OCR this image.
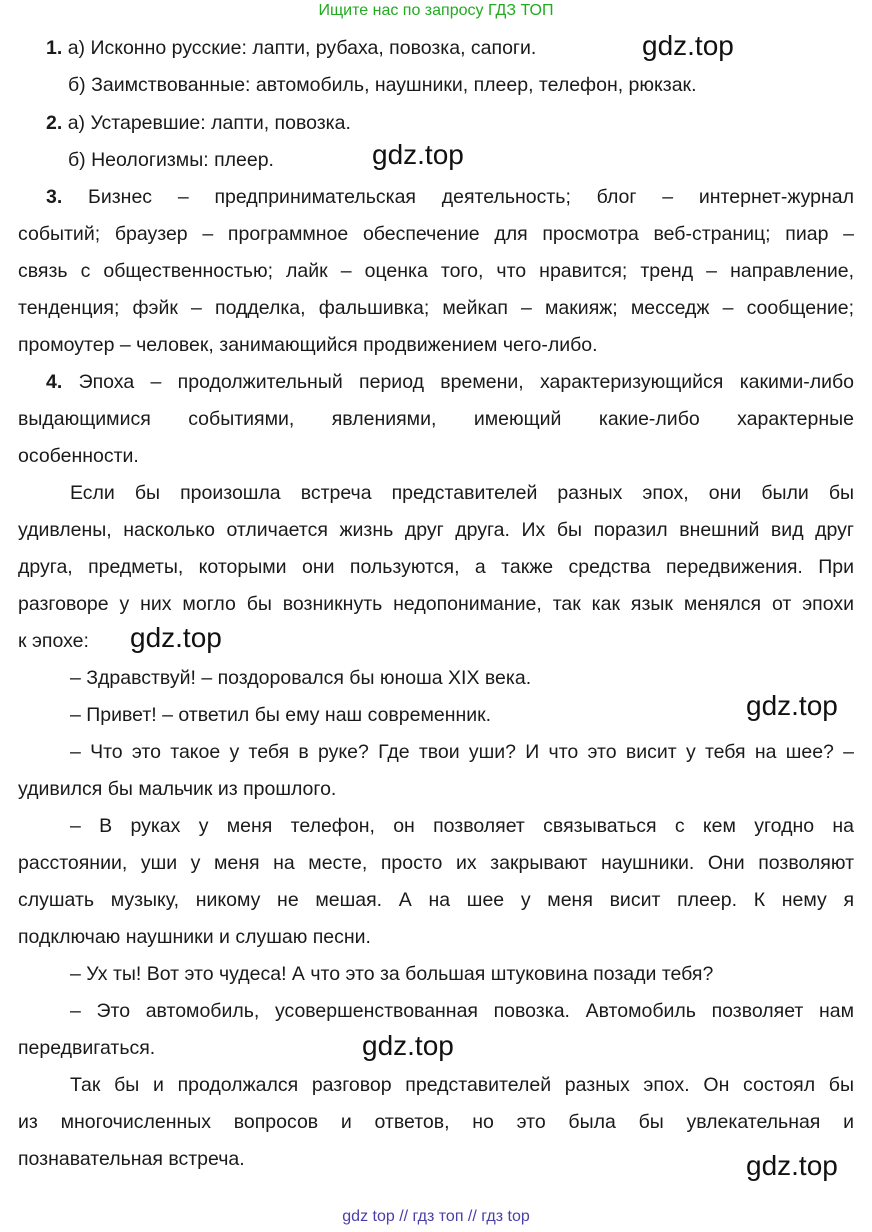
Ищите нас по запросу ГДЗ ТОП
1. а) Исконно русские: лапти, рубаха, повозка, сапоги.
б) Заимствованные: автомобиль, наушники, плеер, телефон, рюкзак.
2. а) Устаревшие: лапти, повозка.
б) Неологизмы: плеер.
3. Бизнес – предпринимательская деятельность; блог – интернет-журнал
событий; браузер – программное обеспечение для просмотра веб-страниц; пиар –
связь с общественностью; лайк – оценка того, что нравится; тренд – направление,
тенденция; фэйк – подделка, фальшивка; мейкап – макияж; месседж – сообщение;
промоутер – человек, занимающийся продвижением чего-либо.
4. Эпоха – продолжительный период времени, характеризующийся какими-либо
выдающимися событиями, явлениями, имеющий какие-либо характерные
особенности.
Если бы произошла встреча представителей разных эпох, они были бы
удивлены, насколько отличается жизнь друг друга. Их бы поразил внешний вид друг
друга, предметы, которыми они пользуются, а также средства передвижения. При
разговоре у них могло бы возникнуть недопонимание, так как язык менялся от эпохи
к эпохе:
– Здравствуй! – поздоровался бы юноша XIX века.
– Привет! – ответил бы ему наш современник.
– Что это такое у тебя в руке? Где твои уши? И что это висит у тебя на шее? –
удивился бы мальчик из прошлого.
– В руках у меня телефон, он позволяет связываться с кем угодно на
расстоянии, уши у меня на месте, просто их закрывают наушники. Они позволяют
слушать музыку, никому не мешая. А на шее у меня висит плеер. К нему я
подключаю наушники и слушаю песни.
– Ух ты! Вот это чудеса! А что это за большая штуковина позади тебя?
– Это автомобиль, усовершенствованная повозка. Автомобиль позволяет нам
передвигаться.
Так бы и продолжался разговор представителей разных эпох. Он состоял бы
из многочисленных вопросов и ответов, но это была бы увлекательная и
познавательная встреча.
gdz.top
gdz.top
gdz.top
gdz.top
gdz.top
gdz.top
gdz top // гдз топ // гдз top
